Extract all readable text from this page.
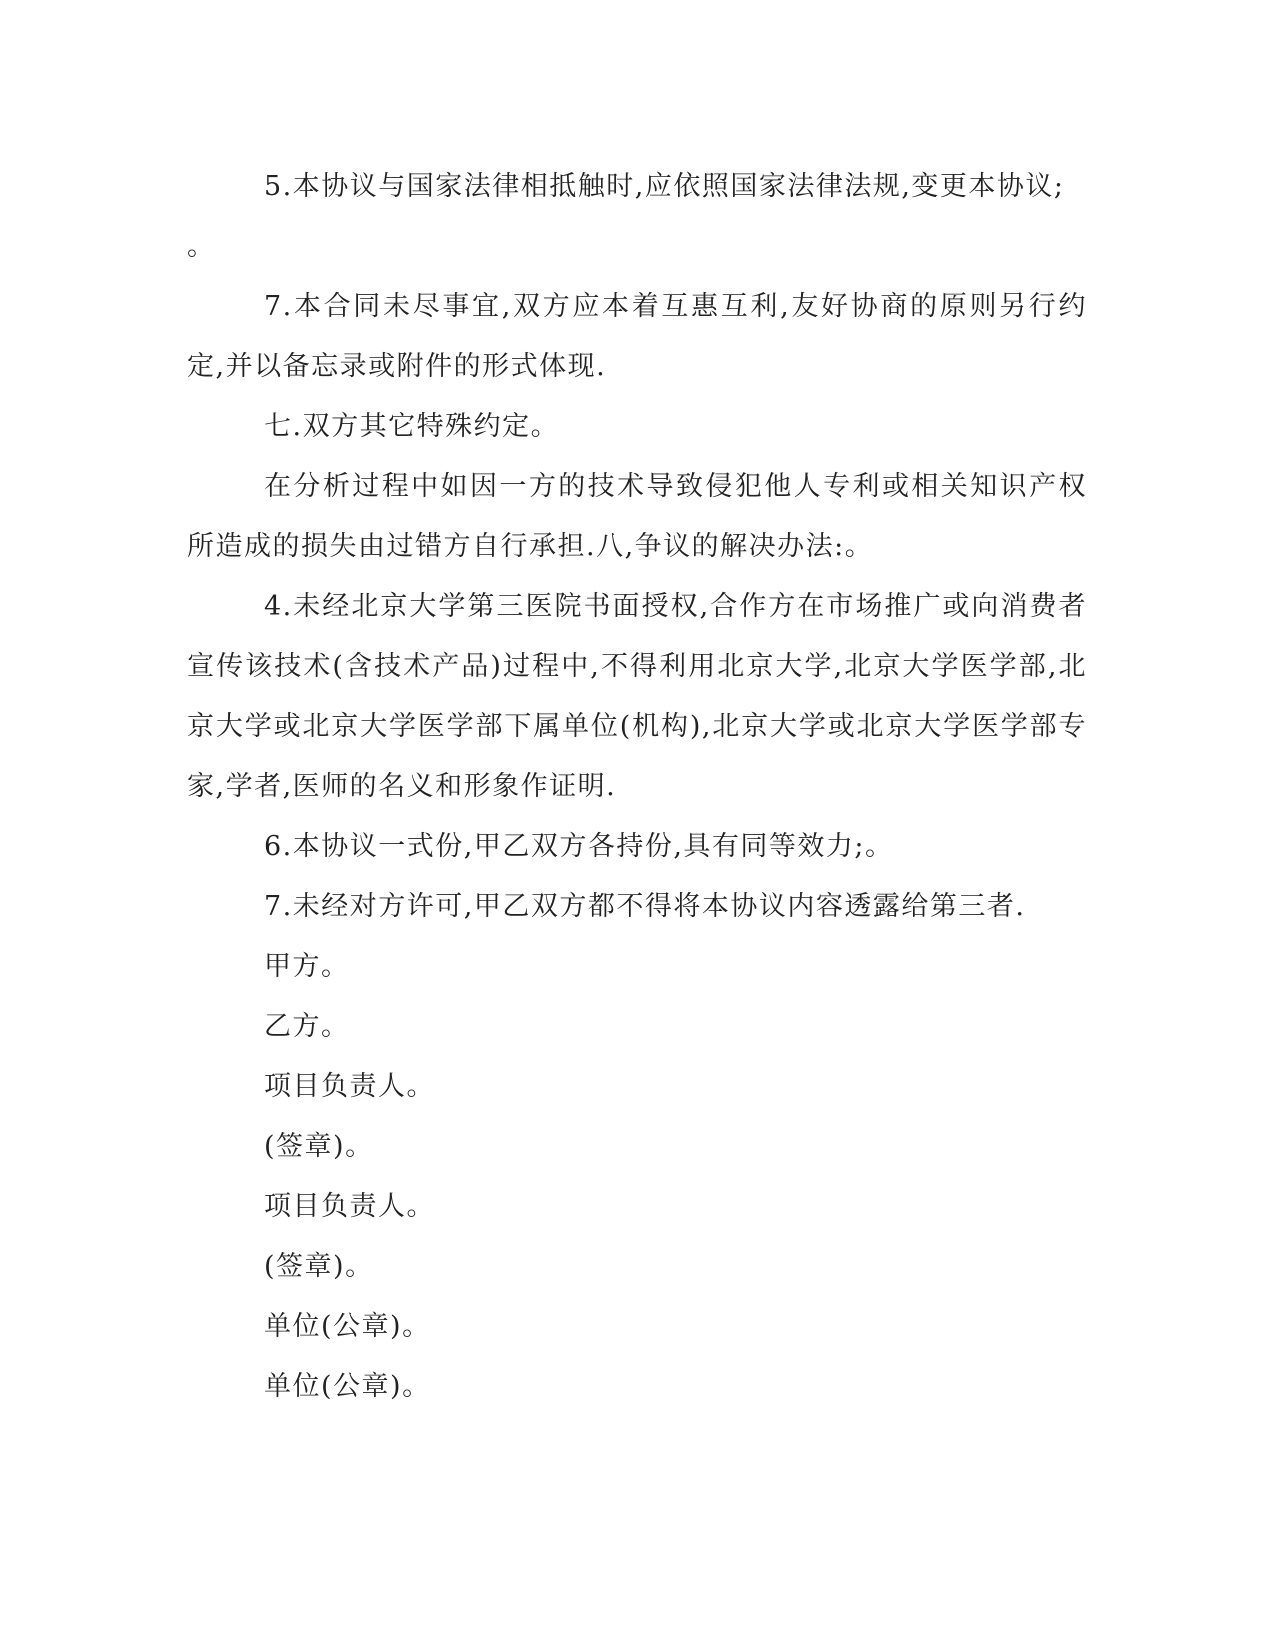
5.本协议与国家法律相抵触时,应依照国家法律法规,变更本协议;

。

7.本合同未尽事宜,双方应本着互惠互利,友好协商的原则另行约定,并以备忘录或附件的形式体现.

七.双方其它特殊约定。

在分析过程中如因一方的技术导致侵犯他人专利或相关知识产权所造成的损失由过错方自行承担.八,争议的解决办法:。

4.未经北京大学第三医院书面授权,合作方在市场推广或向消费者宣传该技术(含技术产品)过程中,不得利用北京大学,北京大学医学部,北京大学或北京大学医学部下属单位(机构),北京大学或北京大学医学部专家,学者,医师的名义和形象作证明.

6.本协议一式份,甲乙双方各持份,具有同等效力;。

7.未经对方许可,甲乙双方都不得将本协议内容透露给第三者.

甲方。

乙方。

项目负责人。

(签章)。

项目负责人。

(签章)。

单位(公章)。

单位(公章)。
